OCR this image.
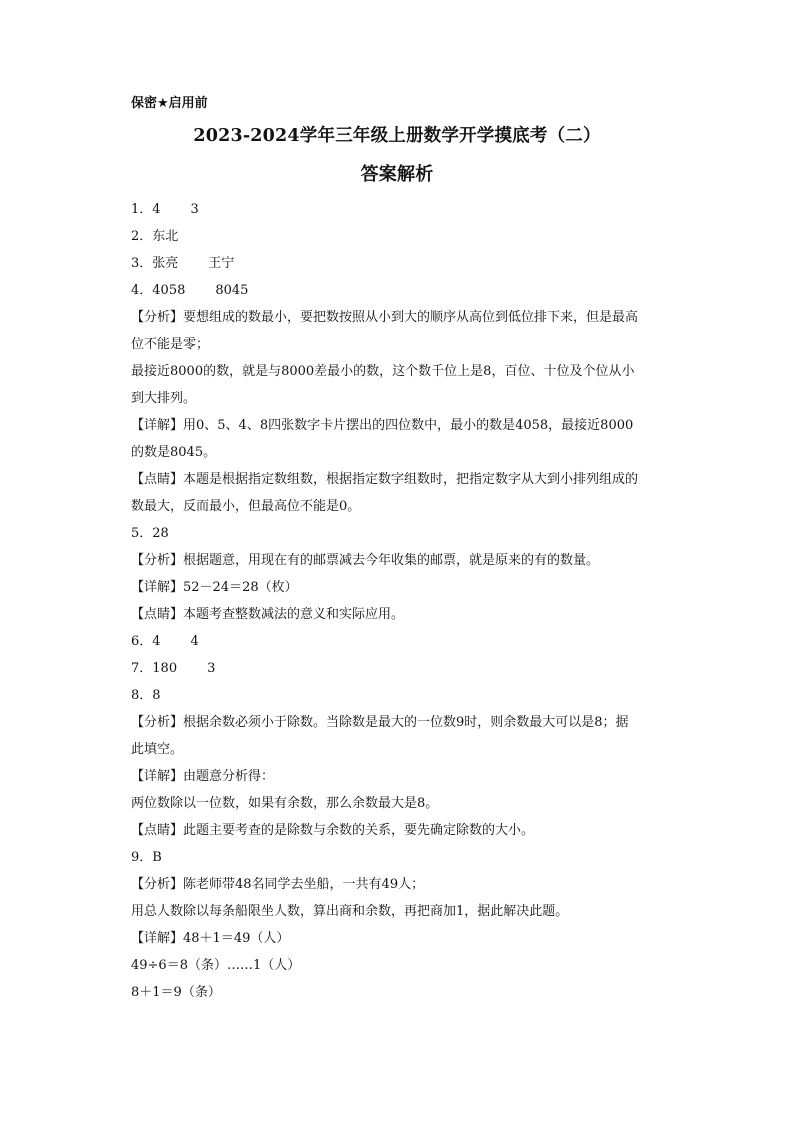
保密★启用前
2023-2024学年三年级上册数学开学摸底考（二）
答案解析
1．4 3
2．东北
3．张亮 王宁
4．4058 8045
【分析】要想组成的数最小，要把数按照从小到大的顺序从高位到低位排下来，但是最高
位不能是零；
最接近8000的数，就是与8000差最小的数，这个数千位上是8，百位、十位及个位从小
到大排列。
【详解】用0、5、4、8四张数字卡片摆出的四位数中，最小的数是4058，最接近8000
的数是8045。
【点睛】本题是根据指定数组数，根据指定数字组数时，把指定数字从大到小排列组成的
数最大，反而最小，但最高位不能是0。
5．28
【分析】根据题意，用现在有的邮票减去今年收集的邮票，就是原来的有的数量。
【详解】52－24＝28（枚）
【点睛】本题考查整数减法的意义和实际应用。
6．4 4
7．180 3
8．8
【分析】根据余数必须小于除数。当除数是最大的一位数9时，则余数最大可以是8；据
此填空。
【详解】由题意分析得：
两位数除以一位数，如果有余数，那么余数最大是8。
【点睛】此题主要考查的是除数与余数的关系，要先确定除数的大小。
9．B
【分析】陈老师带48名同学去坐船，一共有49人；
用总人数除以每条船限坐人数，算出商和余数，再把商加1，据此解决此题。
【详解】48＋1＝49（人）
49÷6＝8（条）……1（人）
8＋1＝9（条）
